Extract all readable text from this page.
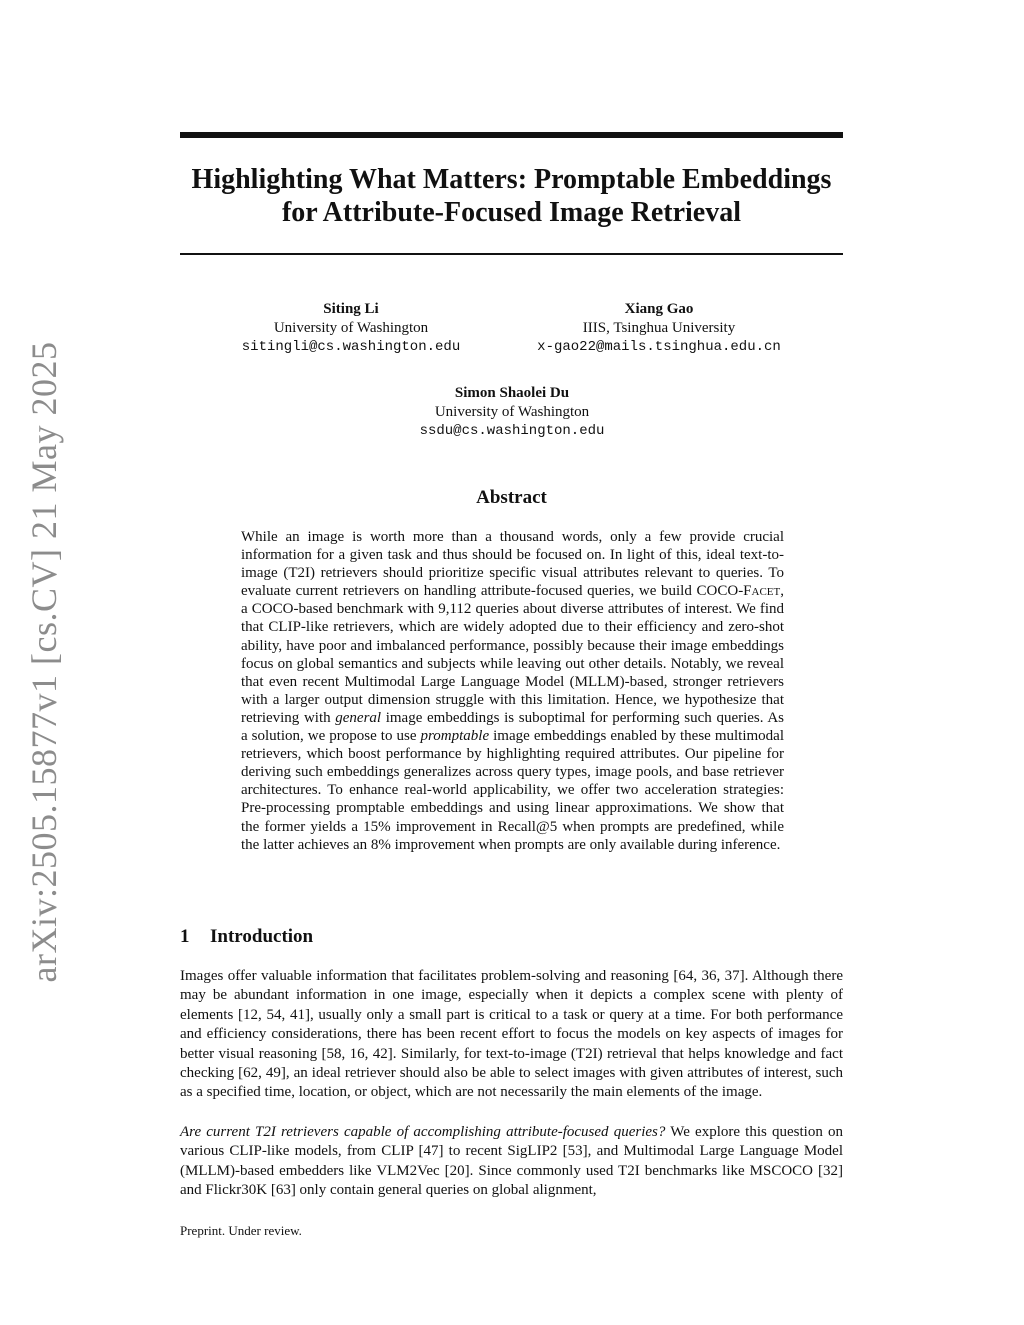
arXiv:2505.15877v1 [cs.CV] 21 May 2025
Highlighting What Matters: Promptable Embeddings
for Attribute-Focused Image Retrieval
Siting Li
University of Washington
sitingli@cs.washington.edu
Xiang Gao
IIIS, Tsinghua University
x-gao22@mails.tsinghua.edu.cn
Simon Shaolei Du
University of Washington
ssdu@cs.washington.edu
Abstract
While an image is worth more than a thousand words, only a few provide crucial information for a given task and thus should be focused on. In light of this, ideal text-to-image (T2I) retrievers should prioritize specific visual attributes relevant to queries. To evaluate current retrievers on handling attribute-focused queries, we build COCO-Facet, a COCO-based benchmark with 9,112 queries about diverse attributes of interest. We find that CLIP-like retrievers, which are widely adopted due to their efficiency and zero-shot ability, have poor and imbalanced performance, possibly because their image embeddings focus on global semantics and subjects while leaving out other details. Notably, we reveal that even recent Multimodal Large Language Model (MLLM)-based, stronger retrievers with a larger output dimension struggle with this limitation. Hence, we hypothesize that retrieving with general image embeddings is suboptimal for performing such queries. As a solution, we propose to use promptable image embeddings enabled by these multimodal retrievers, which boost performance by highlighting required attributes. Our pipeline for deriving such embeddings generalizes across query types, image pools, and base retriever architectures. To enhance real-world applicability, we offer two acceleration strategies: Pre-processing promptable embeddings and using linear approximations. We show that the former yields a 15% improvement in Recall@5 when prompts are predefined, while the latter achieves an 8% improvement when prompts are only available during inference.
1 Introduction
Images offer valuable information that facilitates problem-solving and reasoning [64, 36, 37]. Although there may be abundant information in one image, especially when it depicts a complex scene with plenty of elements [12, 54, 41], usually only a small part is critical to a task or query at a time. For both performance and efficiency considerations, there has been recent effort to focus the models on key aspects of images for better visual reasoning [58, 16, 42]. Similarly, for text-to-image (T2I) retrieval that helps knowledge and fact checking [62, 49], an ideal retriever should also be able to select images with given attributes of interest, such as a specified time, location, or object, which are not necessarily the main elements of the image.
Are current T2I retrievers capable of accomplishing attribute-focused queries? We explore this question on various CLIP-like models, from CLIP [47] to recent SigLIP2 [53], and Multimodal Large Language Model (MLLM)-based embedders like VLM2Vec [20]. Since commonly used T2I benchmarks like MSCOCO [32] and Flickr30K [63] only contain general queries on global alignment,
Preprint. Under review.
